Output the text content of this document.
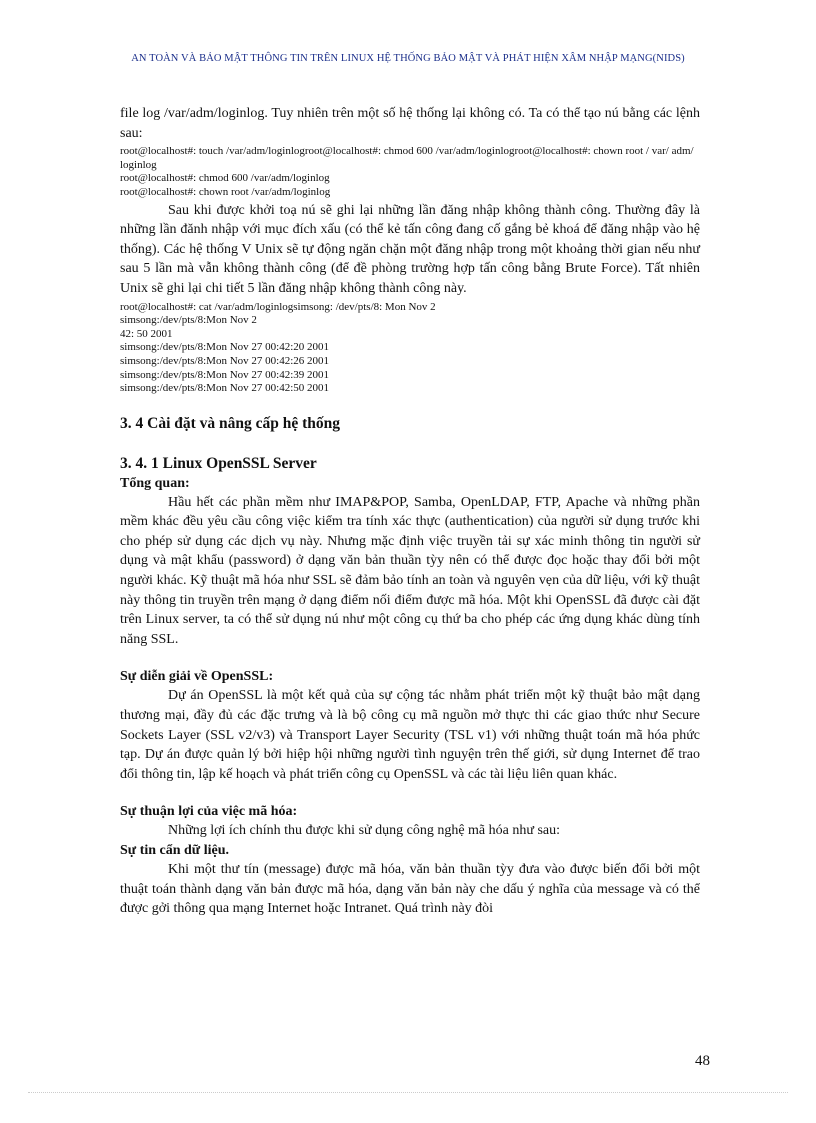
AN TOÀN VÀ BẢO MẬT THÔNG TIN TRÊN LINUX HỆ THỐNG BẢO MẬT VÀ PHÁT HIỆN XÂM NHẬP MẠNG(NIDS)

file log /var/adm/loginlog. Tuy nhiên trên một số hệ thống lại không có. Ta có thể tạo nú bằng các lệnh sau:

root@localhost#: touch /var/adm/loginlogroot@localhost#: chmod 600 /var/adm/loginlogroot@localhost#: chown root / var/ adm/ loginlog

root@localhost#: chmod 600 /var/adm/loginlog

root@localhost#: chown root /var/adm/loginlog

Sau khi được khởi toạ nú sẽ ghi lại những lần đăng nhập không thành công. Thường đây là những lần đănh nhập với mục đích xấu (có thể kẻ tấn công đang cố gắng bẻ khoá để đăng nhập vào hệ thống). Các hệ thống V Unix sẽ tự động ngăn chặn một đăng nhập trong một khoảng thời gian nếu như sau 5 lần mà vẫn không thành công (để đề phòng trường hợp tấn công bằng Brute Force). Tất nhiên Unix sẽ ghi lại chi tiết 5 lần đăng nhập không thành công này.

root@localhost#: cat /var/adm/loginlogsimsong: /dev/pts/8: Mon Nov 2

simsong:/dev/pts/8:Mon Nov 2

42: 50 2001

simsong:/dev/pts/8:Mon Nov 27 00:42:20 2001

simsong:/dev/pts/8:Mon Nov 27 00:42:26 2001

simsong:/dev/pts/8:Mon Nov 27 00:42:39 2001

simsong:/dev/pts/8:Mon Nov 27 00:42:50 2001

3. 4 Cài đặt và nâng cấp hệ thống
3. 4. 1 Linux OpenSSL Server

Tổng quan:

Hầu hết các phần mềm như IMAP&POP, Samba, OpenLDAP, FTP, Apache và những phần mềm khác đều yêu cầu công việc kiểm tra tính xác thực (authentication) của người sử dụng trước khi cho phép sử dụng các dịch vụ này. Nhưng mặc định việc truyền tải sự xác minh thông tin người sử dụng và mật khẩu (password) ở dạng văn bản thuần tỳy nên có thể được đọc hoặc thay đổi bởi một người khác. Kỹ thuật mã hóa như SSL sẽ đảm bảo tính an toàn và nguyên vẹn của dữ liệu, với kỹ thuật này thông tin truyền trên mạng ở dạng điểm nối điểm được mã hóa. Một khi OpenSSL đã được cài đặt trên Linux server, ta có thể sử dụng nú như một công cụ thứ ba cho phép các ứng dụng khác dùng tính năng SSL.

Sự diễn giải về OpenSSL:

Dự án OpenSSL là một kết quả của sự cộng tác nhằm phát triển một kỹ thuật bảo mật dạng thương mại, đầy đủ các đặc trưng và là bộ công cụ mã nguồn mở thực thi các giao thức như Secure Sockets Layer (SSL v2/v3) và Transport Layer Security (TSL v1) với những thuật toán mã hóa phức tạp. Dự án được quản lý bởi hiệp hội những người tình nguyện trên thế giới, sử dụng Internet để trao đổi thông tin, lập kế hoạch và phát triển công cụ OpenSSL và các tài liệu liên quan khác.

Sự thuận lợi của việc mã hóa:

Những lợi ích chính thu được khi sử dụng công nghệ mã hóa như sau:

Sự tin cẩn dữ liệu.

Khi một thư tín (message) được mã hóa, văn bản thuần tỳy đưa vào được biến đổi bởi một thuật toán thành dạng văn bản được mã hóa, dạng văn bản này che dấu ý nghĩa của message và có thể được gởi thông qua mạng Internet hoặc Intranet. Quá trình này đòi

48
